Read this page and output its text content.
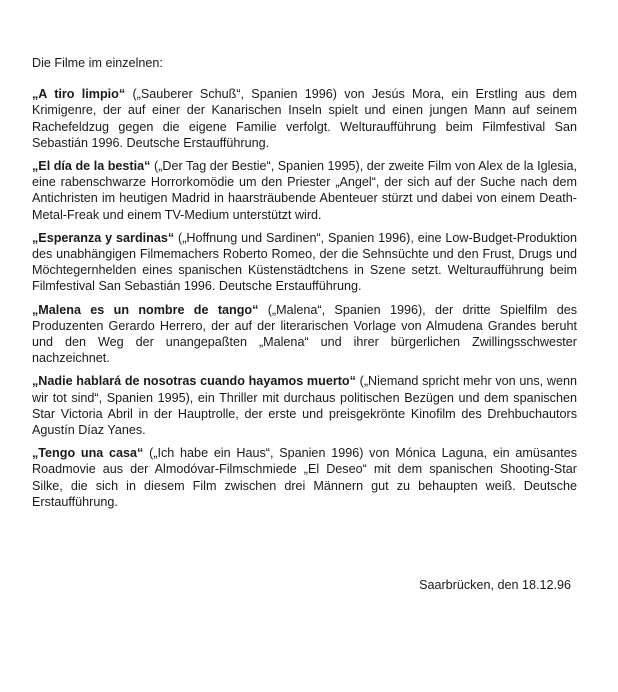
Die Filme im einzelnen:

„A tiro limpio“ („Sauberer Schuß“, Spanien 1996) von Jesús Mora, ein Erstling aus dem Krimigenre, der auf einer der Kanarischen Inseln spielt und einen jungen Mann auf seinem Rachefeldzug gegen die eigene Familie verfolgt. Welturaufführung beim Filmfestival San Sebastián 1996. Deutsche Erstaufführung.

„El día de la bestia“ („Der Tag der Bestie“, Spanien 1995), der zweite Film von Alex de la Iglesia, eine rabenschwarze Horrorkomödie um den Priester „Angel“, der sich auf der Suche nach dem Antichristen im heutigen Madrid in haarsträubende Abenteuer stürzt und dabei von einem Death-Metal-Freak und einem TV-Medium unterstützt wird.

„Esperanza y sardinas“ („Hoffnung und Sardinen“, Spanien 1996), eine Low-Budget-Produktion des unabhängigen Filmemachers Roberto Romeo, der die Sehnsüchte und den Frust, Drugs und Möchtegernhelden eines spanischen Küstenstädtchens in Szene setzt. Welturaufführung beim Filmfestival San Sebastián 1996. Deutsche Erstaufführung.

„Malena es un nombre de tango“ („Malena“, Spanien 1996), der dritte Spielfilm des Produzenten Gerardo Herrero, der auf der literarischen Vorlage von Almudena Grandes beruht und den Weg der unangepaßten „Malena“ und ihrer bürgerlichen Zwillingsschwester nachzeichnet.

„Nadie hablará de nosotras cuando hayamos muerto“ („Niemand spricht mehr von uns, wenn wir tot sind“, Spanien 1995), ein Thriller mit durchaus politischen Bezügen und dem spanischen Star Victoria Abril in der Hauptrolle, der erste und preisgekrönte Kinofilm des Drehbuchautors Agustín Díaz Yanes.

„Tengo una casa“ („Ich habe ein Haus“, Spanien 1996) von Mónica Laguna, ein amüsantes Roadmovie aus der Almodóvar-Filmschmiede „El Deseo“ mit dem spanischen Shooting-Star Silke, die sich in diesem Film zwischen drei Männern gut zu behaupten weiß. Deutsche Erstaufführung.

Saarbrücken, den 18.12.96
